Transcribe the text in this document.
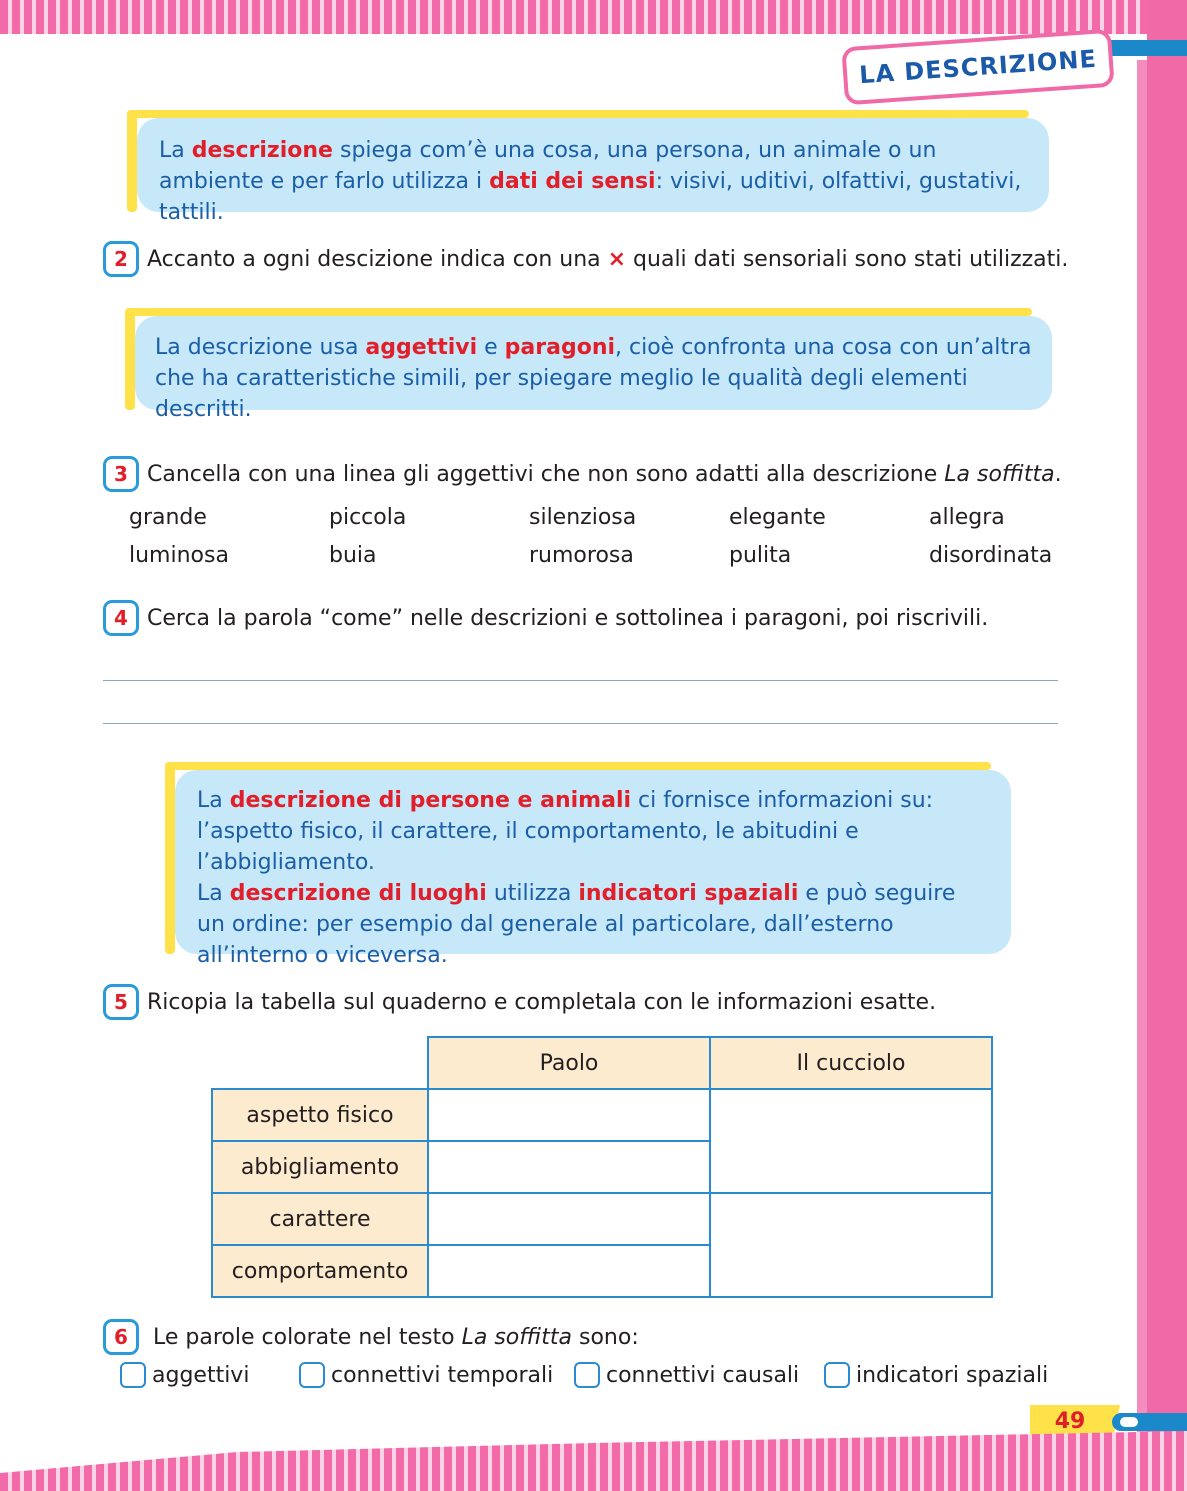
LA DESCRIZIONE
La descrizione spiega com’è una cosa, una persona, un animale o un ambiente e per farlo utilizza i dati dei sensi: visivi, uditivi, olfattivi, gustativi, tattili.
2 Accanto a ogni descizione indica con una × quali dati sensoriali sono stati utilizzati.
La descrizione usa aggettivi e paragoni, cioè confronta una cosa con un’altra che ha caratteristiche simili, per spiegare meglio le qualità degli elementi descritti.
3 Cancella con una linea gli aggettivi che non sono adatti alla descrizione La soffitta.
grande	piccola	silenziosa	elegante	allegra
luminosa	buia	rumorosa	pulita	disordinata
4 Cerca la parola “come” nelle descrizioni e sottolinea i paragoni, poi riscrivili.
La descrizione di persone e animali ci fornisce informazioni su: l’aspetto fisico, il carattere, il comportamento, le abitudini e l’abbigliamento.
La descrizione di luoghi utilizza indicatori spaziali e può seguire un ordine: per esempio dal generale al particolare, dall’esterno all’interno o viceversa.
5 Ricopia la tabella sul quaderno e completala con le informazioni esatte.
	Paolo	Il cucciolo
aspetto fisico		
abbigliamento		
carattere		
comportamento		
6	Le parole colorate nel testo La soffitta sono:
aggettivi	connettivi temporali connettivi causali	indicatori spaziali
49
